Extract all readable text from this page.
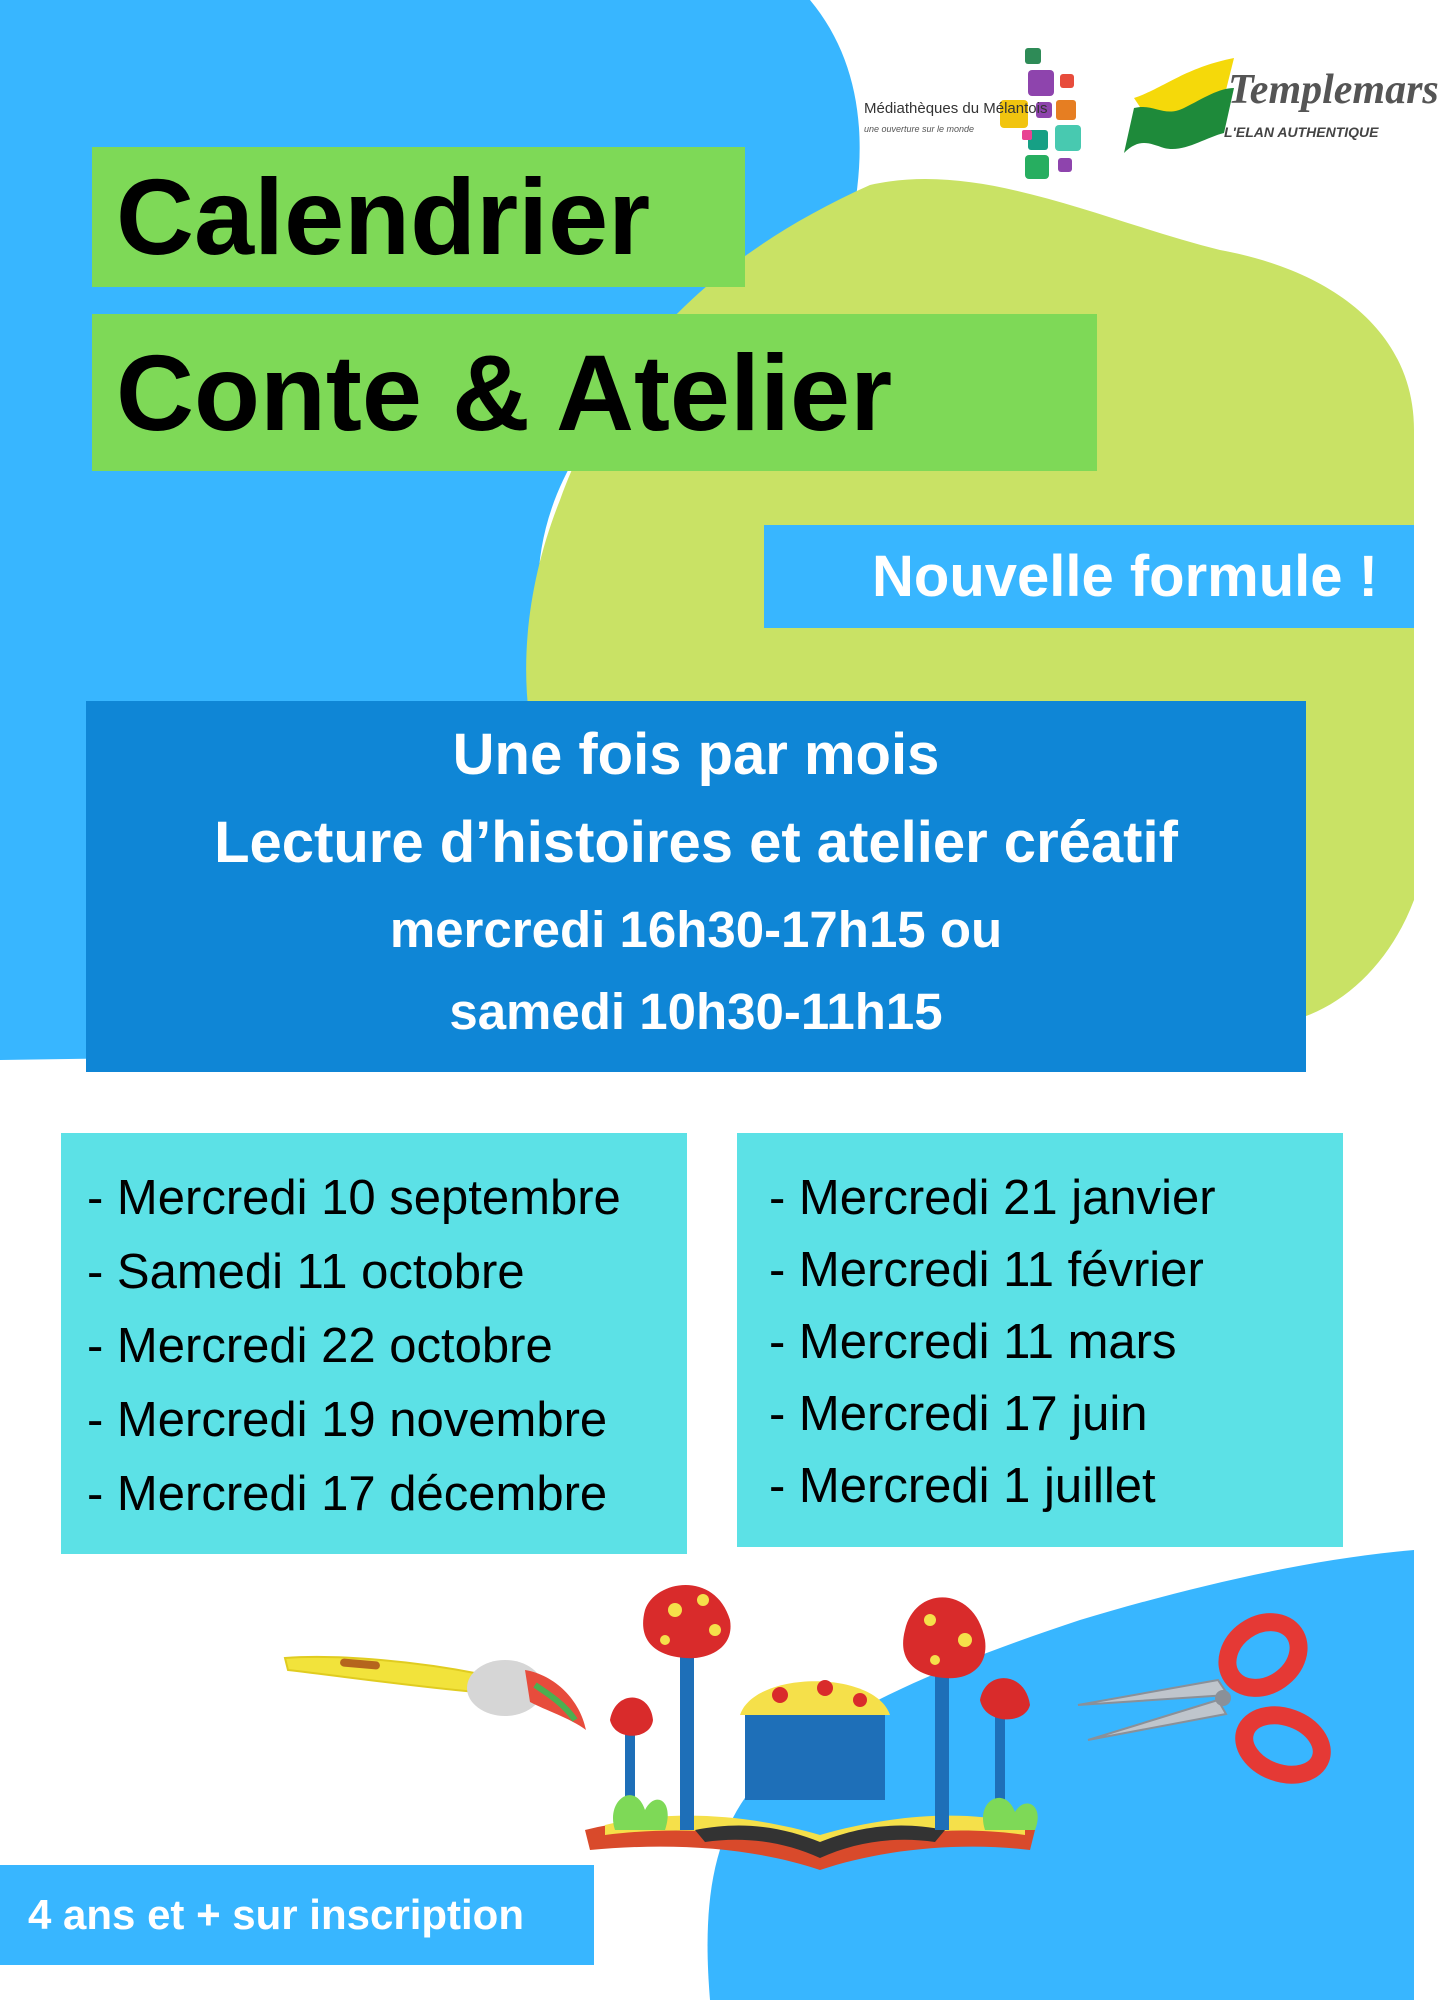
Médiathèques du Mélantois
une ouverture sur le monde
Templemars
L'ELAN AUTHENTIQUE
Calendrier
Conte & Atelier
Nouvelle formule !
Une fois par mois
Lecture d’histoires et atelier créatif
mercredi 16h30-17h15 ou
samedi 10h30-11h15
- Mercredi 10 septembre
- Samedi 11 octobre
- Mercredi 22 octobre
- Mercredi 19 novembre
- Mercredi 17 décembre
- Mercredi 21 janvier
- Mercredi 11 février
- Mercredi 11 mars
- Mercredi 17 juin
- Mercredi 1 juillet
4 ans et + sur inscription
